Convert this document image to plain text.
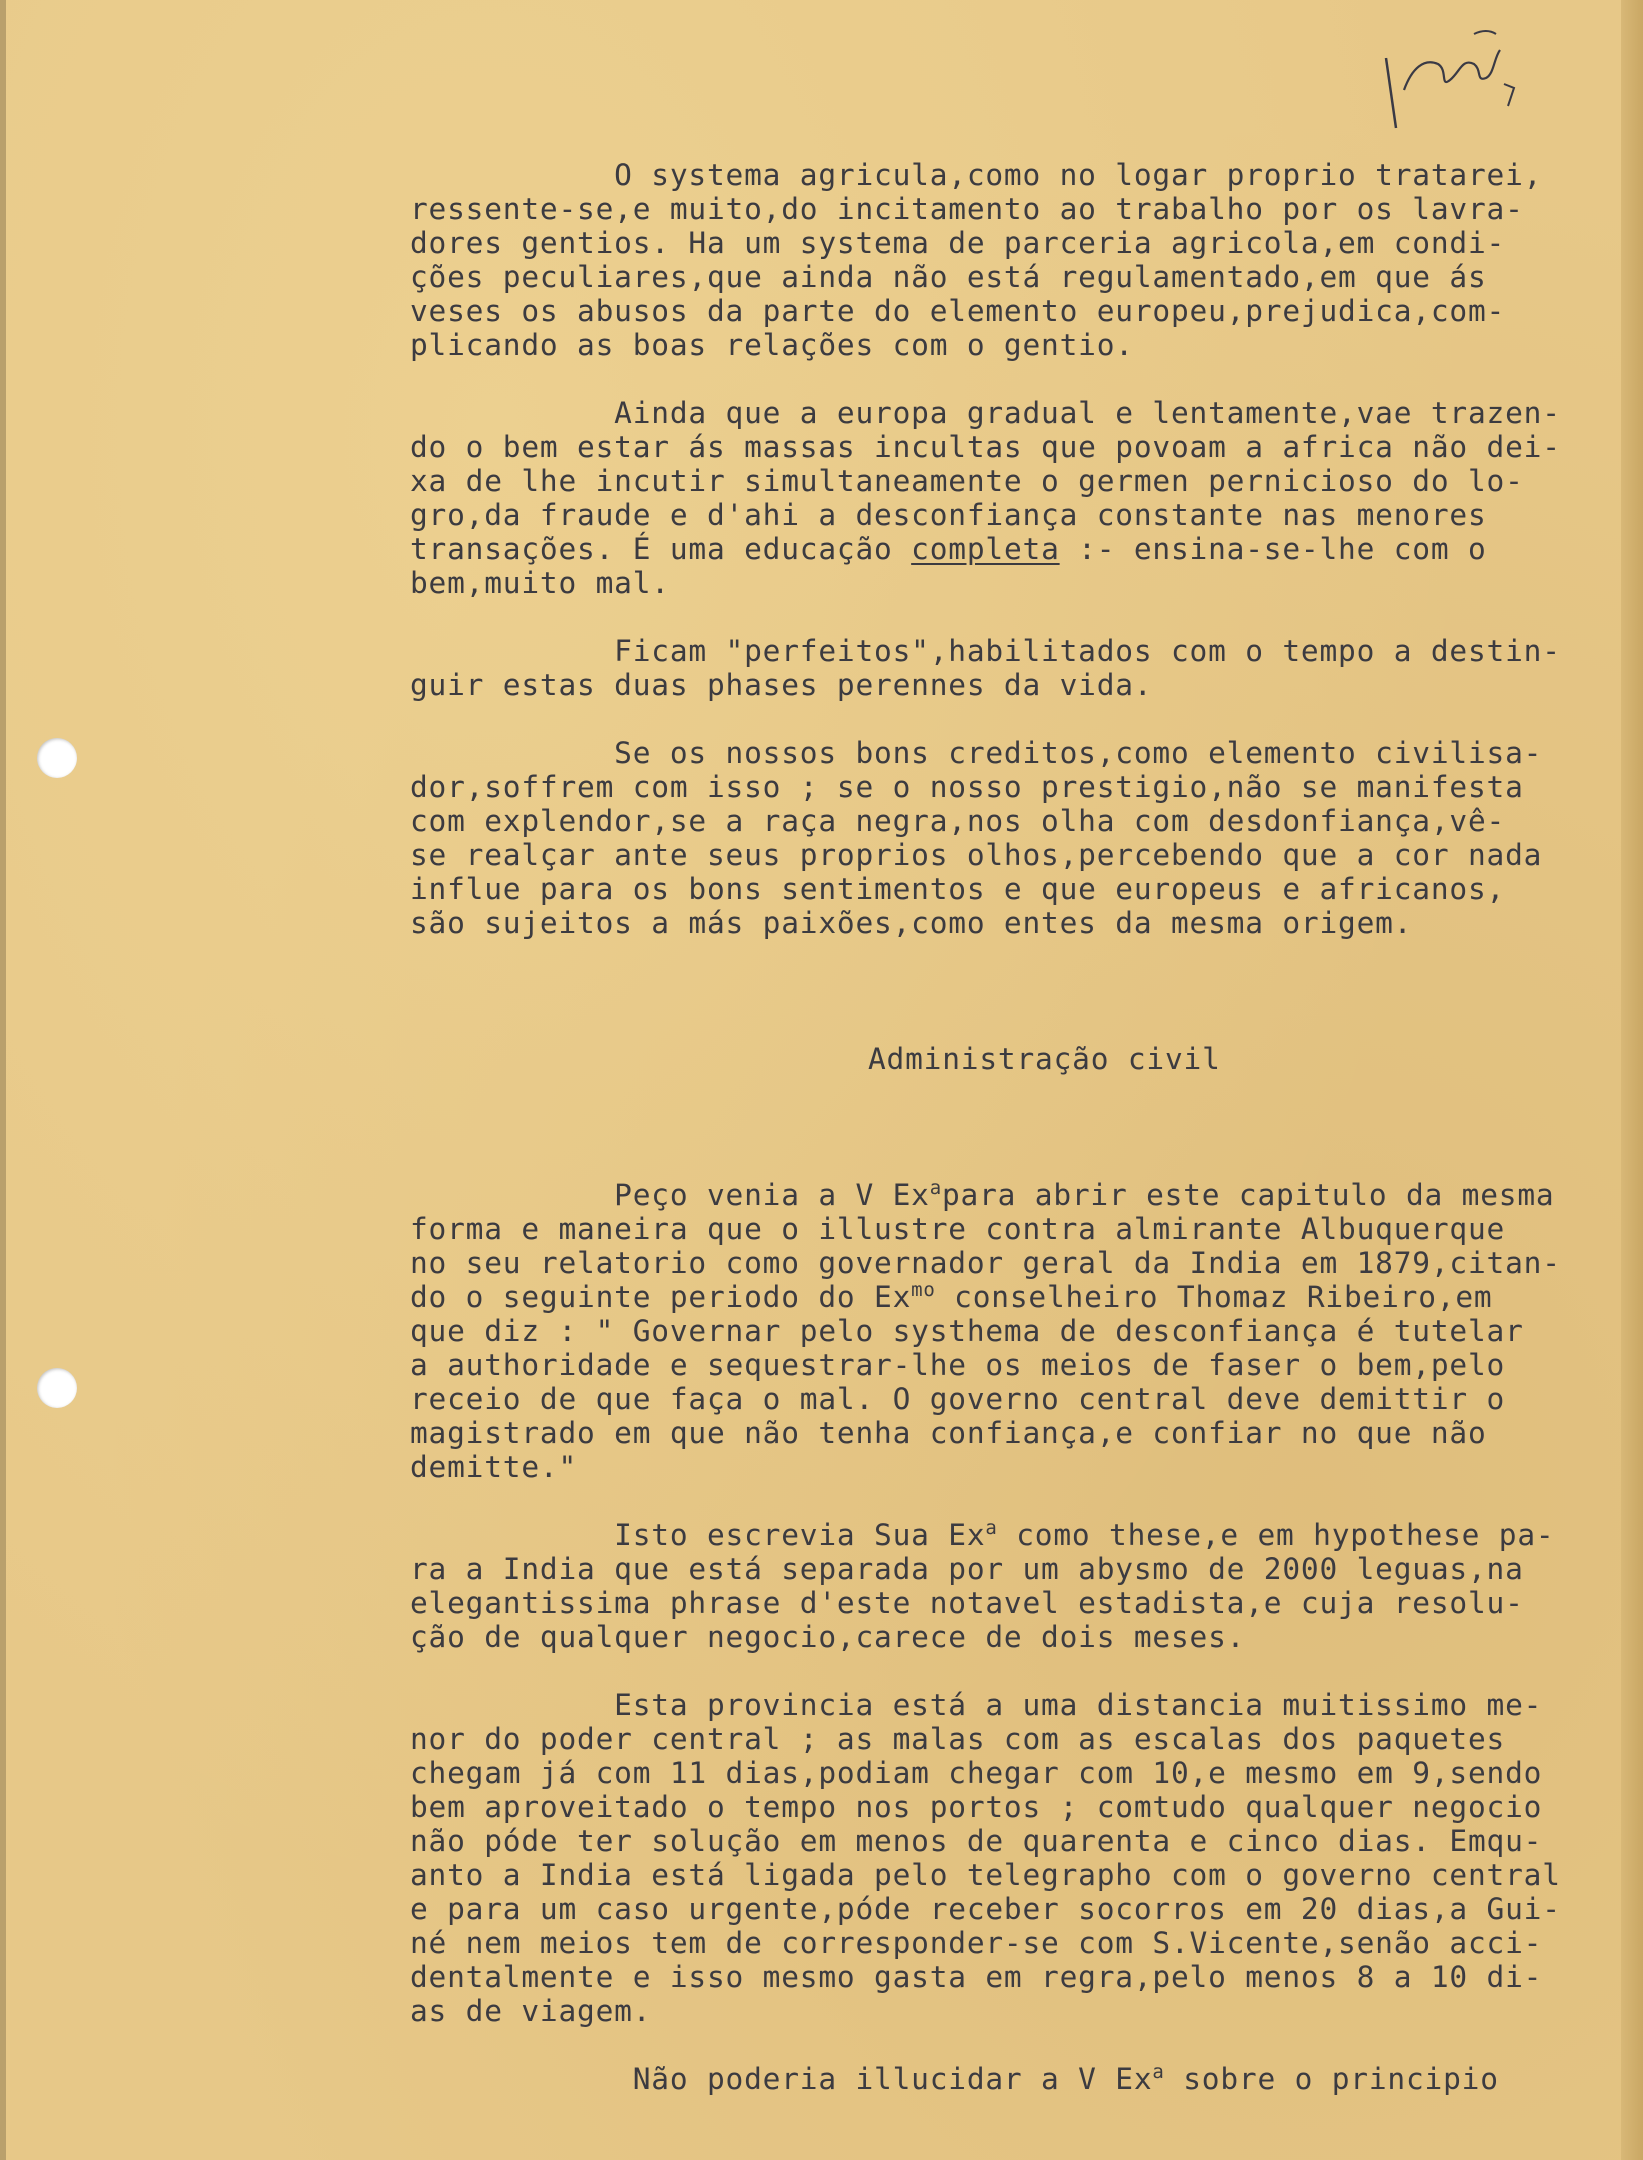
O systema agricula,como no logar proprio tratarei,
ressente-se,e muito,do incitamento ao trabalho por os lavra-
dores gentios. Ha um systema de parceria agricola,em condi-
ções peculiares,que ainda não está regulamentado,em que ás
veses os abusos da parte do elemento europeu,prejudica,com-
plicando as boas relações com o gentio.
Ainda que a europa gradual e lentamente,vae trazen-
do o bem estar ás massas incultas que povoam a africa não dei-
xa de lhe incutir simultaneamente o germen pernicioso do lo-
gro,da fraude e d'ahi a desconfiança constante nas menores
transações. É uma educação completa :- ensina-se-lhe com o
bem,muito mal.
Ficam "perfeitos",habilitados com o tempo a destin-
guir estas duas phases perennes da vida.
Se os nossos bons creditos,como elemento civilisa-
dor,soffrem com isso ; se o nosso prestigio,não se manifesta
com explendor,se a raça negra,nos olha com desdonfiança,vê-
se realçar ante seus proprios olhos,percebendo que a cor nada
influe para os bons sentimentos e que europeus e africanos,
são sujeitos a más paixões,como entes da mesma origem.
Administração civil
Peço venia a V Ex$^a$para abrir este capitulo da mesma
forma e maneira que o illustre contra almirante Albuquerque
no seu relatorio como governador geral da India em 1879,citan-
do o seguinte periodo do $Ex^{mo}$ conselheiro Thomaz Ribeiro,em
que diz : " Governar pelo systhema de desconfiança é tutelar
a authoridade e sequestrar-lhe os meios de faser o bem,pelo
receio de que faça o mal. O governo central deve demittir o
magistrado em que não tenha confiança,e confiar no que não
demitte."
Isto escrevia Sua Ex$^a$ como these,e em hypothese pa-
ra a India que está separada por um abysmo de 2000 leguas,na
elegantissima phrase d'este notavel estadista,e cuja resolu-
ção de qualquer negocio,carece de dois meses.
Esta provincia está a uma distancia muitissimo me-
nor do poder central ; as malas com as escalas dos paquetes
chegam já com 11 dias,podiam chegar com 10,e mesmo em 9,sendo
bem aproveitado o tempo nos portos ; comtudo qualquer negocio
não póde ter solução em menos de quarenta e cinco dias. Emqu-
anto a India está ligada pelo telegrapho com o governo central
e para um caso urgente,póde receber socorros em 20 dias,a Gui-
né nem meios tem de corresponder-se com S.Vicente,senão acci-
dentalmente e isso mesmo gasta em regra,pelo menos 8 a 10 di-
as de viagem.
Não poderia illucidar a V Ex$^a$ sobre o principio
